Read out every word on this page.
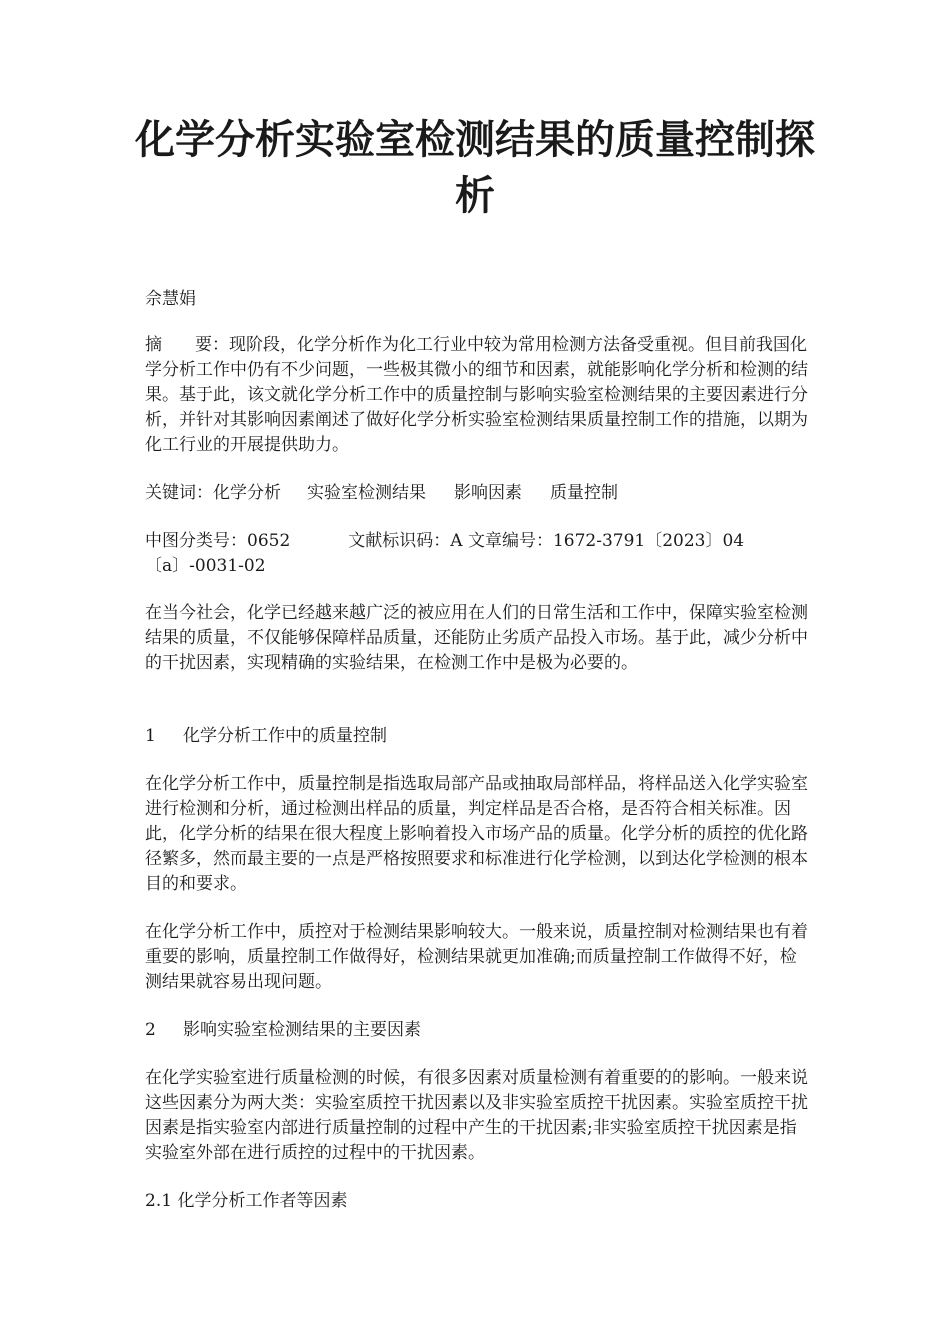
化学分析实验室检测结果的质量控制探析

佘慧娟

摘 要：现阶段，化学分析作为化工行业中较为常用检测方法备受重视。但目前我国化学分析工作中仍有不少问题，一些极其微小的细节和因素，就能影响化学分析和检测的结果。基于此，该文就化学分析工作中的质量控制与影响实验室检测结果的主要因素进行分析，并针对其影响因素阐述了做好化学分析实验室检测结果质量控制工作的措施，以期为化工行业的开展提供助力。

关键词：化学分析 实验室检测结果 影响因素 质量控制

中图分类号：0652	文献标识码：A 文章编号：1672-3791〔2023〕04〔a〕-0031-02

在当今社会，化学已经越来越广泛的被应用在人们的日常生活和工作中，保障实验室检测结果的质量，不仅能够保障样品质量，还能防止劣质产品投入市场。基于此，减少分析中的干扰因素，实现精确的实验结果，在检测工作中是极为必要的。

1 化学分析工作中的质量控制

在化学分析工作中，质量控制是指选取局部产品或抽取局部样品，将样品送入化学实验室进行检测和分析，通过检测出样品的质量，判定样品是否合格，是否符合相关标准。因此，化学分析的结果在很大程度上影响着投入市场产品的质量。化学分析的质控的优化路径繁多，然而最主要的一点是严格按照要求和标准进行化学检测，以到达化学检测的根本目的和要求。

在化学分析工作中，质控对于检测结果影响较大。一般来说，质量控制对检测结果也有着重要的影响，质量控制工作做得好，检测结果就更加准确;而质量控制工作做得不好，检测结果就容易出现问题。

2 影响实验室检测结果的主要因素

在化学实验室进行质量检测的时候，有很多因素对质量检测有着重要的的影响。一般来说这些因素分为两大类：实验室质控干扰因素以及非实验室质控干扰因素。实验室质控干扰因素是指实验室内部进行质量控制的过程中产生的干扰因素;非实验室质控干扰因素是指实验室外部在进行质控的过程中的干扰因素。

2.1 化学分析工作者等因素
